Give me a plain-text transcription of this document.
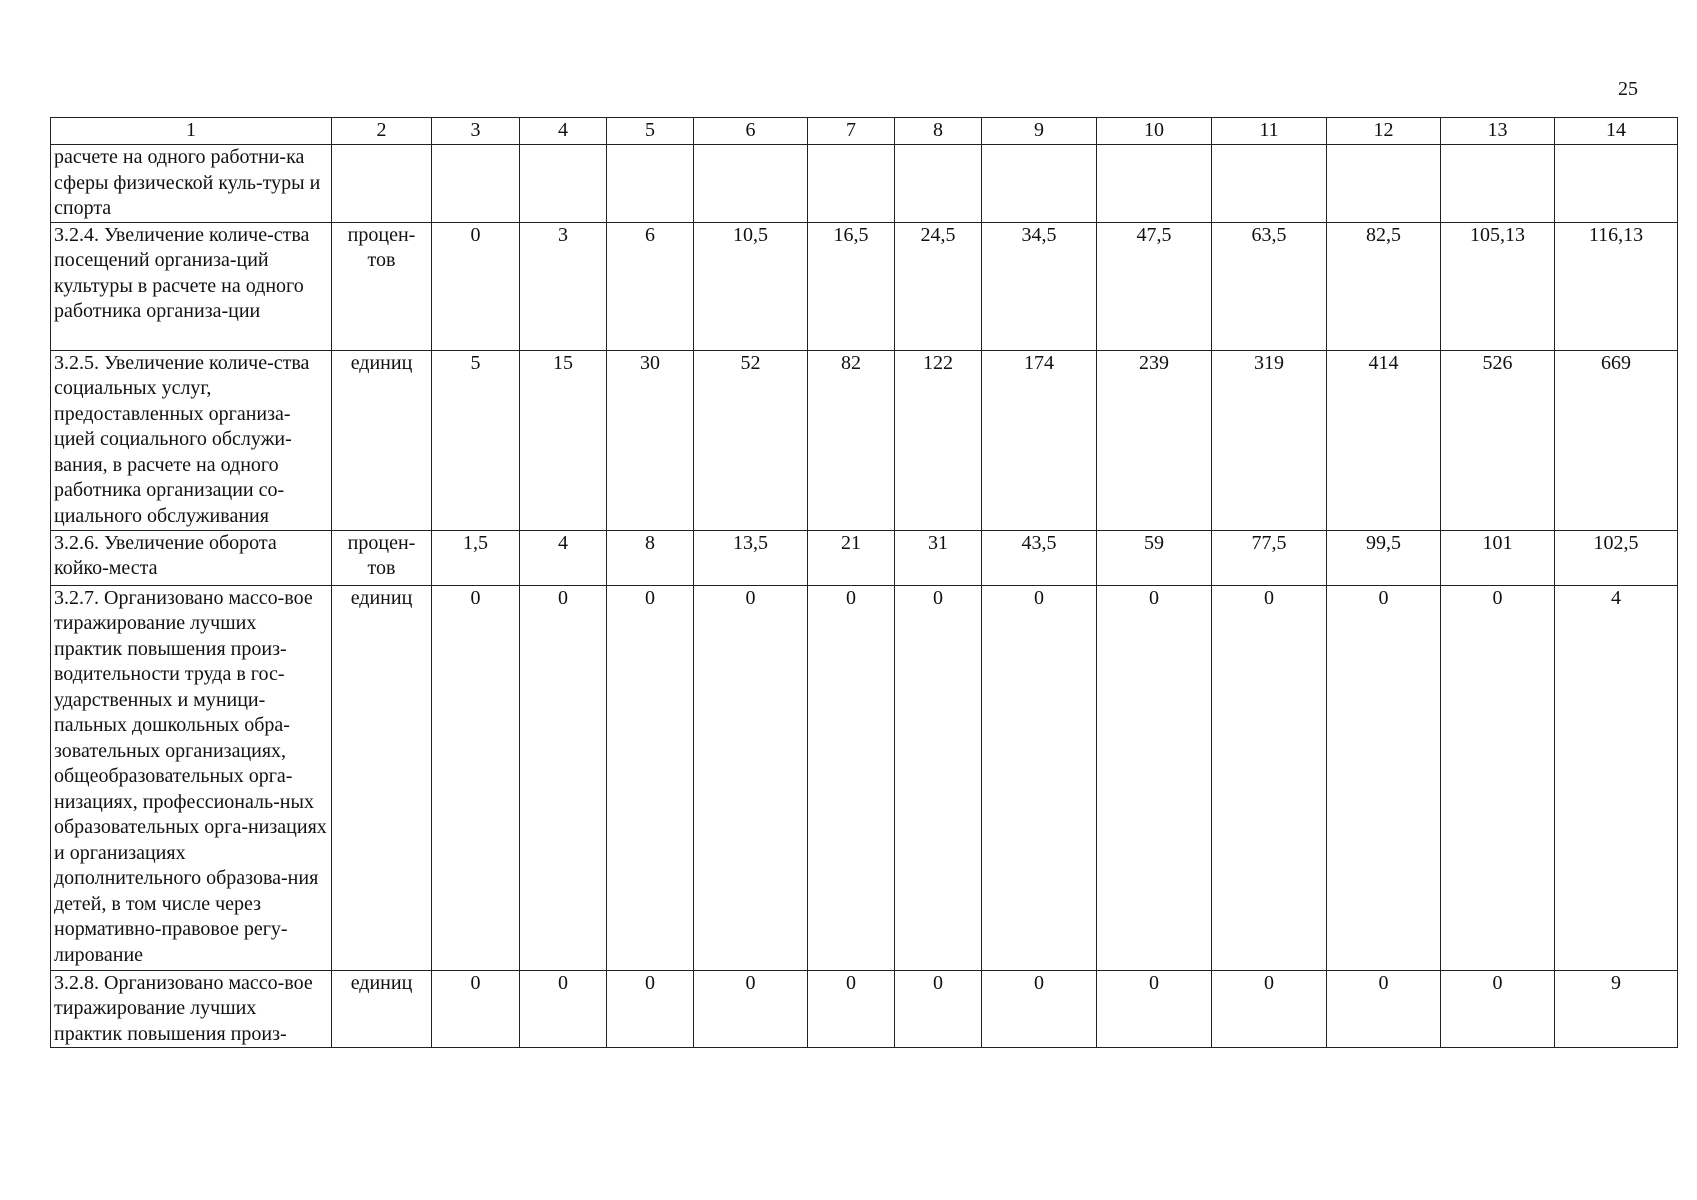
25
1	2	3	4	5	6	7	8	9	10	11	12	13	14
расчете на одного работни-ка сферы физической куль-туры и спорта													
3.2.4. Увеличение количе-ства посещений организа-ций культуры в расчете на одного работника организа-ции	процен-тов	0	3	6	10,5	16,5	24,5	34,5	47,5	63,5	82,5	105,13	116,13
3.2.5. Увеличение количе-ства социальных услуг, предоставленных организа-цией социального обслужи-вания, в расчете на одного работника организации со-циального обслуживания	единиц	5	15	30	52	82	122	174	239	319	414	526	669
3.2.6. Увеличение оборота койко-места	процен-тов	1,5	4	8	13,5	21	31	43,5	59	77,5	99,5	101	102,5
3.2.7. Организовано массо-вое тиражирование лучших практик повышения произ-водительности труда в гос-ударственных и муници-пальных дошкольных обра-зовательных организациях, общеобразовательных орга-низациях, профессиональ-ных образовательных орга-низациях и организациях дополнительного образова-ния детей, в том числе через нормативно-правовое регу-лирование	единиц	0	0	0	0	0	0	0	0	0	0	0	4
3.2.8. Организовано массо-вое тиражирование лучших практик повышения произ-	единиц	0	0	0	0	0	0	0	0	0	0	0	9
